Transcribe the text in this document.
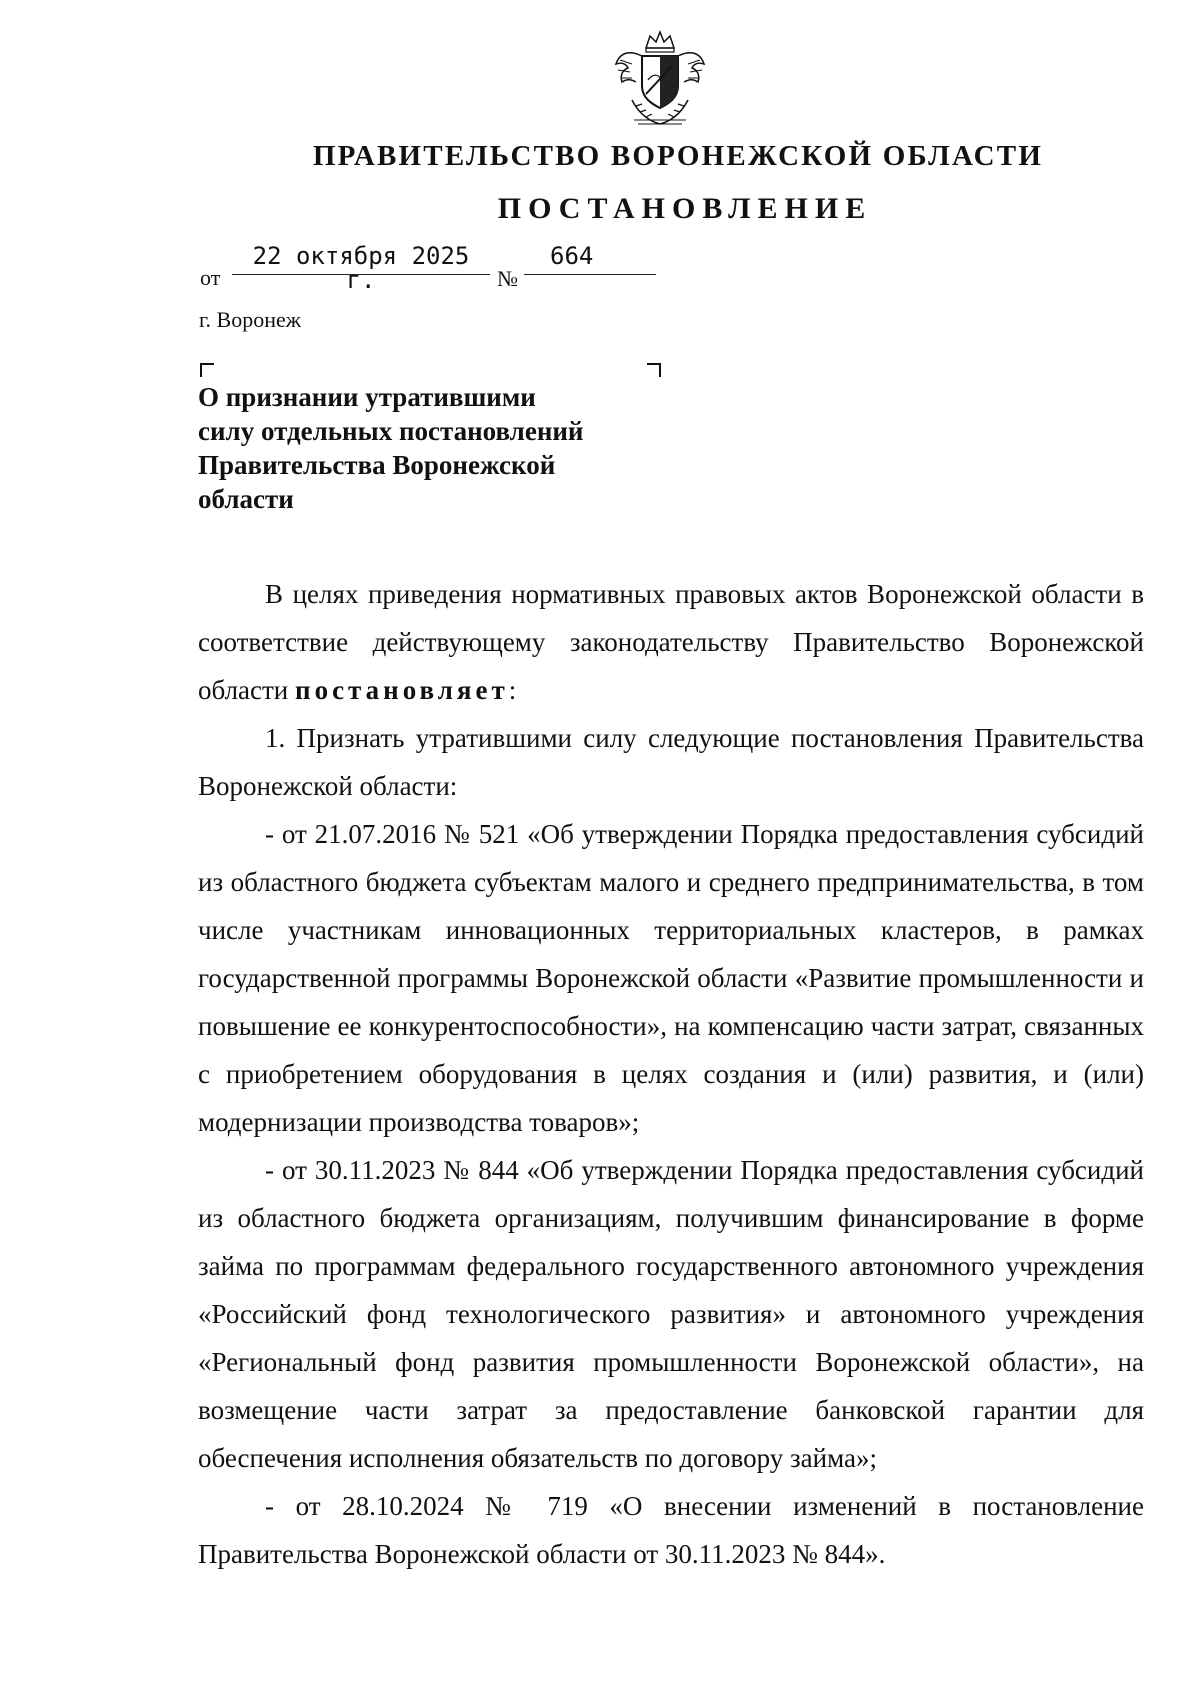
ПРАВИТЕЛЬСТВО ВОРОНЕЖСКОЙ ОБЛАСТИ
ПОСТАНОВЛЕНИЕ
от
22 октября 2025 г.	№
664
г. Воронеж
О признании утратившими
силу отдельных постановлений
Правительства Воронежской
области

В целях приведения нормативных правовых актов Воронежской области в соответствие действующему законодательству Правительство Воронежской области постановляет:

1. Признать утратившими силу следующие постановления Правительства Воронежской области:

- от 21.07.2016 № 521 «Об утверждении Порядка предоставления субсидий из областного бюджета субъектам малого и среднего предпринимательства, в том числе участникам инновационных территориальных кластеров, в рамках государственной программы Воронежской области «Развитие промышленности и повышение ее конкурентоспособности», на компенсацию части затрат, связанных с приобретением оборудования в целях создания и (или) развития, и (или) модернизации производства товаров»;

- от 30.11.2023 № 844 «Об утверждении Порядка предоставления субсидий из областного бюджета организациям, получившим финансирование в форме займа по программам федерального государственного автономного учреждения «Российский фонд технологического развития» и автономного учреждения «Региональный фонд развития промышленности Воронежской области», на возмещение части затрат за предоставление банковской гарантии для обеспечения исполнения обязательств по договору займа»;

- от 28.10.2024 № 719 «О внесении изменений в постановление Правительства Воронежской области от 30.11.2023 № 844».
